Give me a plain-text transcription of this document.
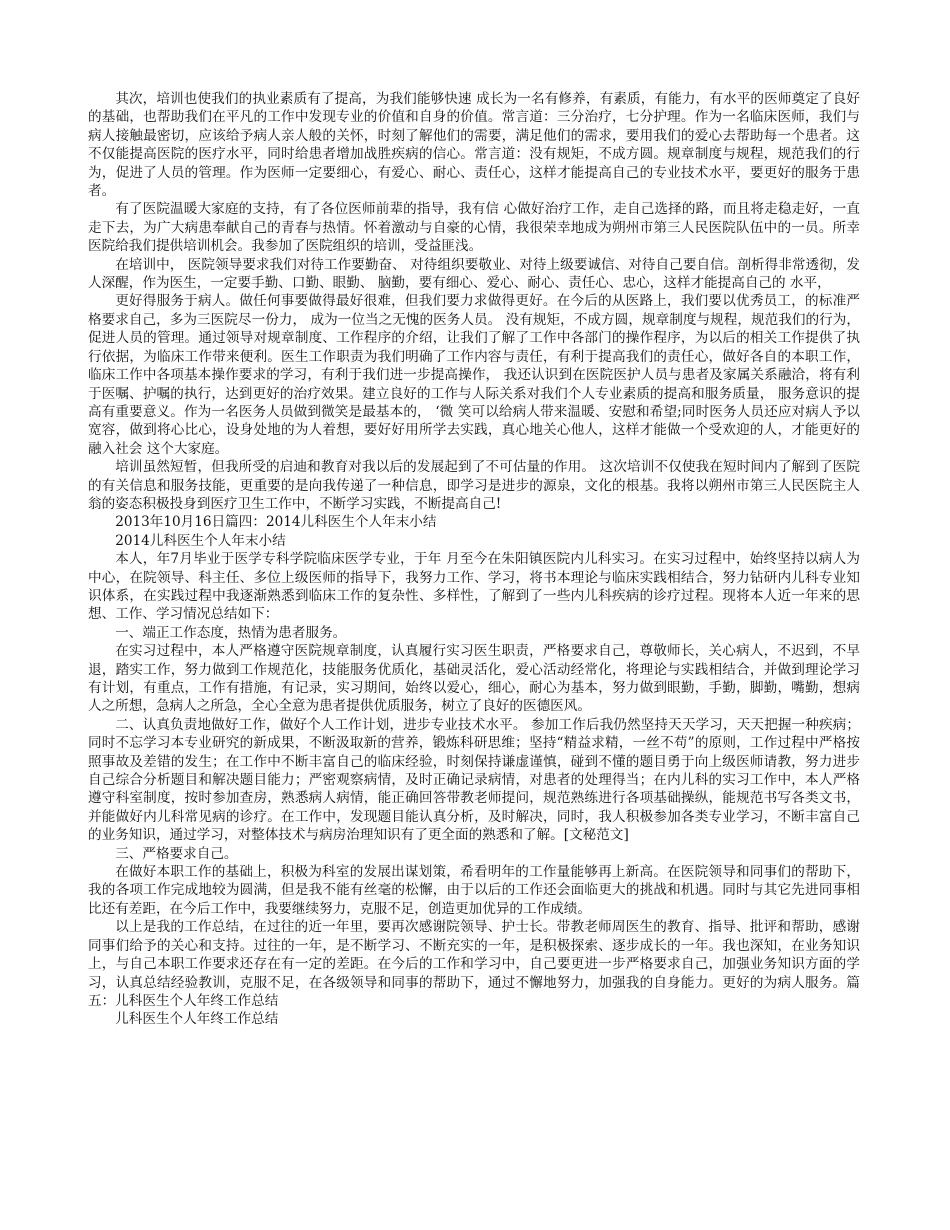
其次，培训也使我们的执业素质有了提高，为我们能够快速 成长为一名有修养，有素质，有能力，有水平的医师奠定了良好的基础，也帮助我们在平凡的工作中发现专业的价值和自身的价值。常言道：三分治疗，七分护理。作为一名临床医师，我们与病人接触最密切，应该给予病人亲人般的关怀，时刻了解他们的需要，满足他们的需求，要用我们的爱心去帮助每一个患者。这不仅能提高医院的医疗水平，同时给患者增加战胜疾病的信心。常言道：没有规矩，不成方圆。规章制度与规程，规范我们的行 为，促进了人员的管理。作为医师一定要细心，有爱心、耐心、责任心，这样才能提高自己的专业技术水平，要更好的服务于患者。

有了医院温暖大家庭的支持，有了各位医师前辈的指导，我有信 心做好治疗工作，走自己选择的路，而且将走稳走好，一直走下去，为广大病患奉献自己的青春与热情。怀着激动与自豪的心情，我很荣幸地成为朔州市第三人民医院队伍中的一员。所幸医院给我们提供培训机会。我参加了医院组织的培训，受益匪浅。

在培训中， 医院领导要求我们对待工作要勤奋、 对待组织要敬业、对待上级要诚信、对待自己要自信。剖析得非常透彻，发人深醒，作为医生，一定要手勤、口勤、眼勤、 脑勤，要有细心、爱心、耐心、责任心、忠心，这样才能提高自己的 水平，

更好得服务于病人。做任何事要做得最好很难，但我们要力求做得更好。在今后的从医路上，我们要以优秀员工，的标准严格要求自己，多为三医院尽一份力， 成为一位当之无愧的医务人员。 没有规矩，不成方圆，规章制度与规程，规范我们的行为，促进人员的管理。通过领导对规章制度、工作程序的介绍，让我们了解了工作中各部门的操作程序，为以后的相关工作提供了执行依据，为临床工作带来便利。医生工作职责为我们明确了工作内容与责任，有利于提高我们的责任心，做好各自的本职工作，临床工作中各项基本操作要求的学习，有利于我们进一步提高操作， 我还认识到在医院医护人员与患者及家属关系融洽，将有利于医嘱、护嘱的执行，达到更好的治疗效果。建立良好的工作与人际关系对我们个人专业素质的提高和服务质量， 服务意识的提高有重要意义。作为一名医务人员做到微笑是最基本的， ‘微 笑可以给病人带来温暖、安慰和希望;同时医务人员还应对病人予以 宽容，做到将心比心，设身处地的为人着想，要好好用所学去实践，真心地关心他人，这样才能做一个受欢迎的人，才能更好的融入社会 这个大家庭。

培训虽然短暂，但我所受的启迪和教育对我以后的发展起到了不可估量的作用。 这次培训不仅使我在短时间内了解到了医院的有关信息和服务技能，更重要的是向我传递了一种信息，即学习是进步的源泉，文化的根基。我将以朔州市第三人民医院主人翁的姿态积极投身到医疗卫生工作中，不断学习实践，不断提高自己!

2013年10月16日篇四：2014儿科医生个人年末小结

2014儿科医生个人年末小结

本人，年7月毕业于医学专科学院临床医学专业，于年 月至今在朱阳镇医院内儿科实习。在实习过程中，始终坚持以病人为中心，在院领导、科主任、多位上级医师的指导下，我努力工作、学习，将书本理论与临床实践相结合，努力钻研内儿科专业知识体系，在实践过程中我逐渐熟悉到临床工作的复杂性、多样性，了解到了一些内儿科疾病的诊疗过程。现将本人近一年来的思想、工作、学习情况总结如下：

一、端正工作态度，热情为患者服务。

在实习过程中，本人严格遵守医院规章制度，认真履行实习医生职责，严格要求自己，尊敬师长，关心病人，不迟到，不早退，踏实工作，努力做到工作规范化，技能服务优质化，基础灵活化，爱心活动经常化，将理论与实践相结合，并做到理论学习有计划，有重点，工作有措施，有记录，实习期间，始终以爱心，细心，耐心为基本，努力做到眼勤，手勤，脚勤，嘴勤，想病人之所想，急病人之所急，全心全意为患者提供优质服务，树立了良好的医德医风。

二、认真负责地做好工作，做好个人工作计划，进步专业技术水平。 参加工作后我仍然坚持天天学习，天天把握一种疾病；同时不忘学习本专业研究的新成果，不断汲取新的营养，锻炼科研思维；坚持“精益求精，一丝不苟”的原则，工作过程中严格按照事故及差错的发生；在工作中不断丰富自己的临床经验，时刻保持谦虚谨慎，碰到不懂的题目勇于向上级医师请教，努力进步自己综合分析题目和解决题目能力；严密观察病情，及时正确记录病情，对患者的处理得当；在内儿科的实习工作中，本人严格遵守科室制度，按时参加查房，熟悉病人病情，能正确回答带教老师提问，规范熟练进行各项基础操纵，能规范书写各类文书，并能做好内儿科常见病的诊疗。在工作中，发现题目能认真分析，及时解决，同时，我人积极参加各类专业学习，不断丰富自己的业务知识，通过学习，对整体技术与病房治理知识有了更全面的熟悉和了解。[文秘范文]

三、严格要求自己。

在做好本职工作的基础上，积极为科室的发展出谋划策，希看明年的工作量能够再上新高。在医院领导和同事们的帮助下，我的各项工作完成地较为圆满，但是我不能有丝毫的松懈，由于以后的工作还会面临更大的挑战和机遇。同时与其它先进同事相比还有差距，在今后工作中，我要继续努力，克服不足，创造更加优异的工作成绩。

以上是我的工作总结，在过往的近一年里，要再次感谢院领导、护士长。带教老师周医生的教育、指导、批评和帮助，感谢同事们给予的关心和支持。过往的一年，是不断学习、不断充实的一年，是积极探索、逐步成长的一年。我也深知，在业务知识上，与自己本职工作要求还存在有一定的差距。在今后的工作和学习中，自己要更进一步严格要求自己，加强业务知识方面的学习，认真总结经验教训，克服不足，在各级领导和同事的帮助下，通过不懈地努力，加强我的自身能力。更好的为病人服务。篇五：儿科医生个人年终工作总结

儿科医生个人年终工作总结
